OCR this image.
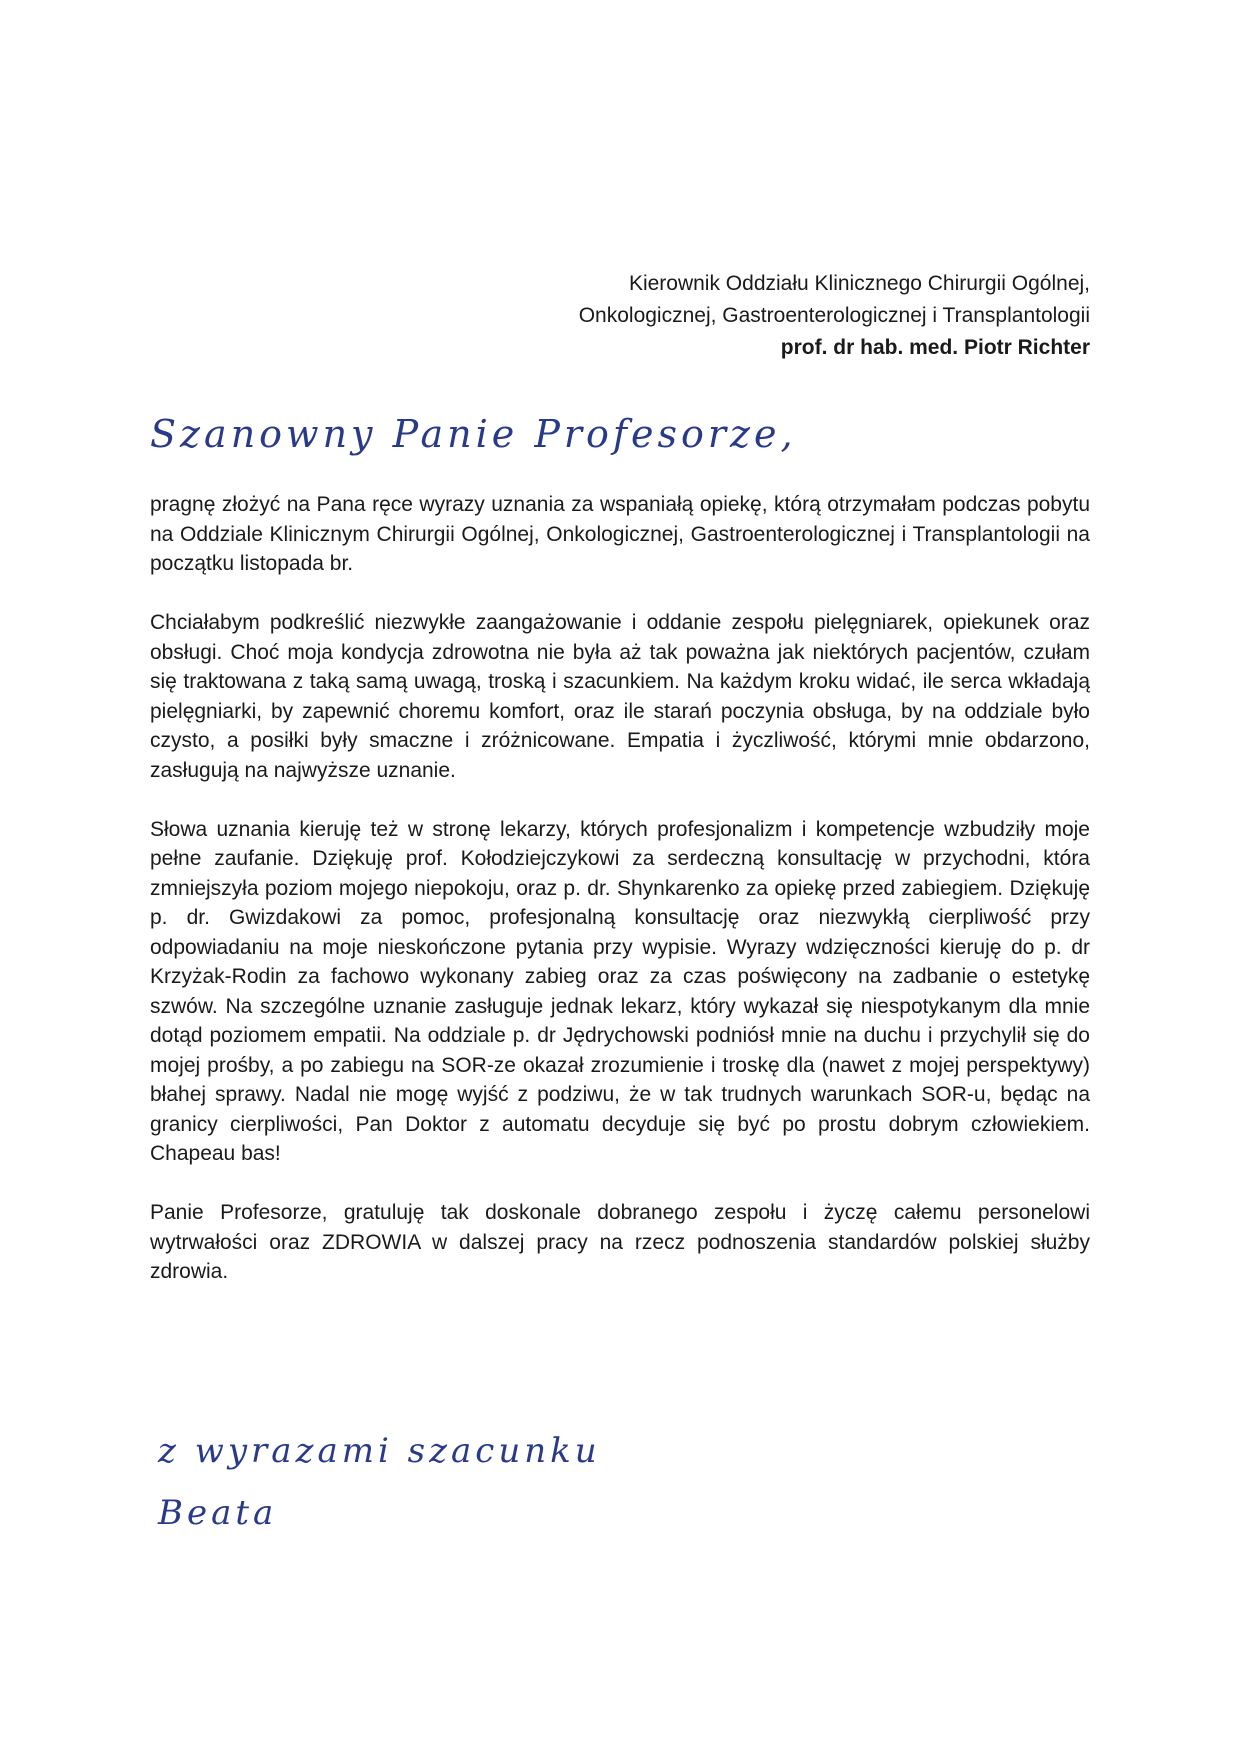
Kierownik Oddziału Klinicznego Chirurgii Ogólnej,
Onkologicznej, Gastroenterologicznej i Transplantologii
prof. dr hab. med. Piotr Richter
Szanowny Panie Profesorze,

pragnę złożyć na Pana ręce wyrazy uznania za wspaniałą opiekę, którą otrzymałam podczas pobytu na Oddziale Klinicznym Chirurgii Ogólnej, Onkologicznej, Gastroenterologicznej i Transplantologii na początku listopada br.

Chciałabym podkreślić niezwykłe zaangażowanie i oddanie zespołu pielęgniarek, opiekunek oraz obsługi. Choć moja kondycja zdrowotna nie była aż tak poważna jak niektórych pacjentów, czułam się traktowana z taką samą uwagą, troską i szacunkiem. Na każdym kroku widać, ile serca wkładają pielęgniarki, by zapewnić choremu komfort, oraz ile starań poczynia obsługa, by na oddziale było czysto, a posiłki były smaczne i zróżnicowane. Empatia i życzliwość, którymi mnie obdarzono, zasługują na najwyższe uznanie.

Słowa uznania kieruję też w stronę lekarzy, których profesjonalizm i kompetencje wzbudziły moje pełne zaufanie. Dziękuję prof. Kołodziejczykowi za serdeczną konsultację w przychodni, która zmniejszyła poziom mojego niepokoju, oraz p. dr. Shynkarenko za opiekę przed zabiegiem. Dziękuję p. dr. Gwizdakowi za pomoc, profesjonalną konsultację oraz niezwykłą cierpliwość przy odpowiadaniu na moje nieskończone pytania przy wypisie. Wyrazy wdzięczności kieruję do p. dr Krzyżak-Rodin za fachowo wykonany zabieg oraz za czas poświęcony na zadbanie o estetykę szwów. Na szczególne uznanie zasługuje jednak lekarz, który wykazał się niespotykanym dla mnie dotąd poziomem empatii. Na oddziale p. dr Jędrychowski podniósł mnie na duchu i przychylił się do mojej prośby, a po zabiegu na SOR-ze okazał zrozumienie i troskę dla (nawet z mojej perspektywy) błahej sprawy. Nadal nie mogę wyjść z podziwu, że w tak trudnych warunkach SOR-u, będąc na granicy cierpliwości, Pan Doktor z automatu decyduje się być po prostu dobrym człowiekiem. Chapeau bas!

Panie Profesorze, gratuluję tak doskonale dobranego zespołu i życzę całemu personelowi wytrwałości oraz ZDROWIA w dalszej pracy na rzecz podnoszenia standardów polskiej służby zdrowia.

z wyrazami szacunku
Beata
